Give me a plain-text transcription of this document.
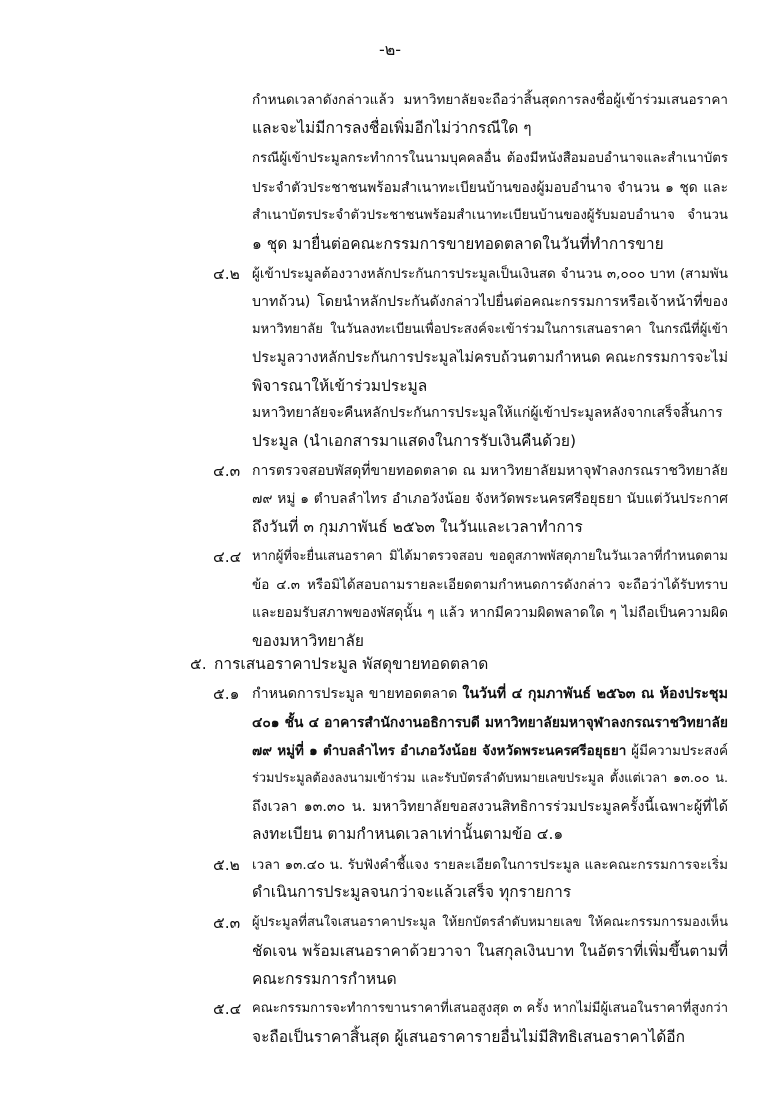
-๒-
กำหนดเวลาดังกล่าวแล้ว มหาวิทยาลัยจะถือว่าสิ้นสุดการลงชื่อผู้เข้าร่วมเสนอราคา
และจะไม่มีการลงชื่อเพิ่มอีกไม่ว่ากรณีใด ๆ
กรณีผู้เข้าประมูลกระทำการในนามบุคคลอื่น ต้องมีหนังสือมอบอำนาจและสำเนาบัตร
ประจำตัวประชาชนพร้อมสำเนาทะเบียนบ้านของผู้มอบอำนาจ จำนวน ๑ ชุด และ
สำเนาบัตรประจำตัวประชาชนพร้อมสำเนาทะเบียนบ้านของผู้รับมอบอำนาจ จำนวน
๑ ชุด มายื่นต่อคณะกรรมการขายทอดตลาดในวันที่ทำการขาย
๔.๒ ผู้เข้าประมูลต้องวางหลักประกันการประมูลเป็นเงินสด จำนวน ๓,๐๐๐ บาท (สามพัน
บาทถ้วน) โดยนำหลักประกันดังกล่าวไปยื่นต่อคณะกรรมการหรือเจ้าหน้าที่ของ
มหาวิทยาลัย ในวันลงทะเบียนเพื่อประสงค์จะเข้าร่วมในการเสนอราคา ในกรณีที่ผู้เข้า
ประมูลวางหลักประกันการประมูลไม่ครบถ้วนตามกำหนด คณะกรรมการจะไม่
พิจารณาให้เข้าร่วมประมูล
มหาวิทยาลัยจะคืนหลักประกันการประมูลให้แก่ผู้เข้าประมูลหลังจากเสร็จสิ้นการ
ประมูล (นำเอกสารมาแสดงในการรับเงินคืนด้วย)
๔.๓ การตรวจสอบพัสดุที่ขายทอดตลาด ณ มหาวิทยาลัยมหาจุฬาลงกรณราชวิทยาลัย
๗๙ หมู่ ๑ ตำบลลำไทร อำเภอวังน้อย จังหวัดพระนครศรีอยุธยา นับแต่วันประกาศ
ถึงวันที่ ๓ กุมภาพันธ์ ๒๕๖๓ ในวันและเวลาทำการ
๔.๔ หากผู้ที่จะยื่นเสนอราคา มิได้มาตรวจสอบ ขอดูสภาพพัสดุภายในวันเวลาที่กำหนดตาม
ข้อ ๔.๓ หรือมิได้สอบถามรายละเอียดตามกำหนดการดังกล่าว จะถือว่าได้รับทราบ
และยอมรับสภาพของพัสดุนั้น ๆ แล้ว หากมีความผิดพลาดใด ๆ ไม่ถือเป็นความผิด
ของมหาวิทยาลัย
๕. การเสนอราคาประมูล พัสดุขายทอดตลาด
๕.๑ กำหนดการประมูล ขายทอดตลาด ในวันที่ ๔ กุมภาพันธ์ ๒๕๖๓ ณ ห้องประชุม
๔๐๑ ชั้น ๔ อาคารสำนักงานอธิการบดี มหาวิทยาลัยมหาจุฬาลงกรณราชวิทยาลัย
๗๙ หมู่ที่ ๑ ตำบลลำไทร อำเภอวังน้อย จังหวัดพระนครศรีอยุธยา ผู้มีความประสงค์
ร่วมประมูลต้องลงนามเข้าร่วม และรับบัตรลำดับหมายเลขประมูล ตั้งแต่เวลา ๑๓.๐๐ น.
ถึงเวลา ๑๓.๓๐ น. มหาวิทยาลัยขอสงวนสิทธิการร่วมประมูลครั้งนี้เฉพาะผู้ที่ได้
ลงทะเบียน ตามกำหนดเวลาเท่านั้นตามข้อ ๔.๑
๕.๒ เวลา ๑๓.๔๐ น. รับฟังคำชี้แจง รายละเอียดในการประมูล และคณะกรรมการจะเริ่ม
ดำเนินการประมูลจนกว่าจะแล้วเสร็จ ทุกรายการ
๕.๓ ผู้ประมูลที่สนใจเสนอราคาประมูล ให้ยกบัตรลำดับหมายเลข ให้คณะกรรมการมองเห็น
ชัดเจน พร้อมเสนอราคาด้วยวาจา ในสกุลเงินบาท ในอัตราที่เพิ่มขึ้นตามที่
คณะกรรมการกำหนด
๕.๔ คณะกรรมการจะทำการขานราคาที่เสนอสูงสุด ๓ ครั้ง หากไม่มีผู้เสนอในราคาที่สูงกว่า
จะถือเป็นราคาสิ้นสุด ผู้เสนอราคารายอื่นไม่มีสิทธิเสนอราคาได้อีก
